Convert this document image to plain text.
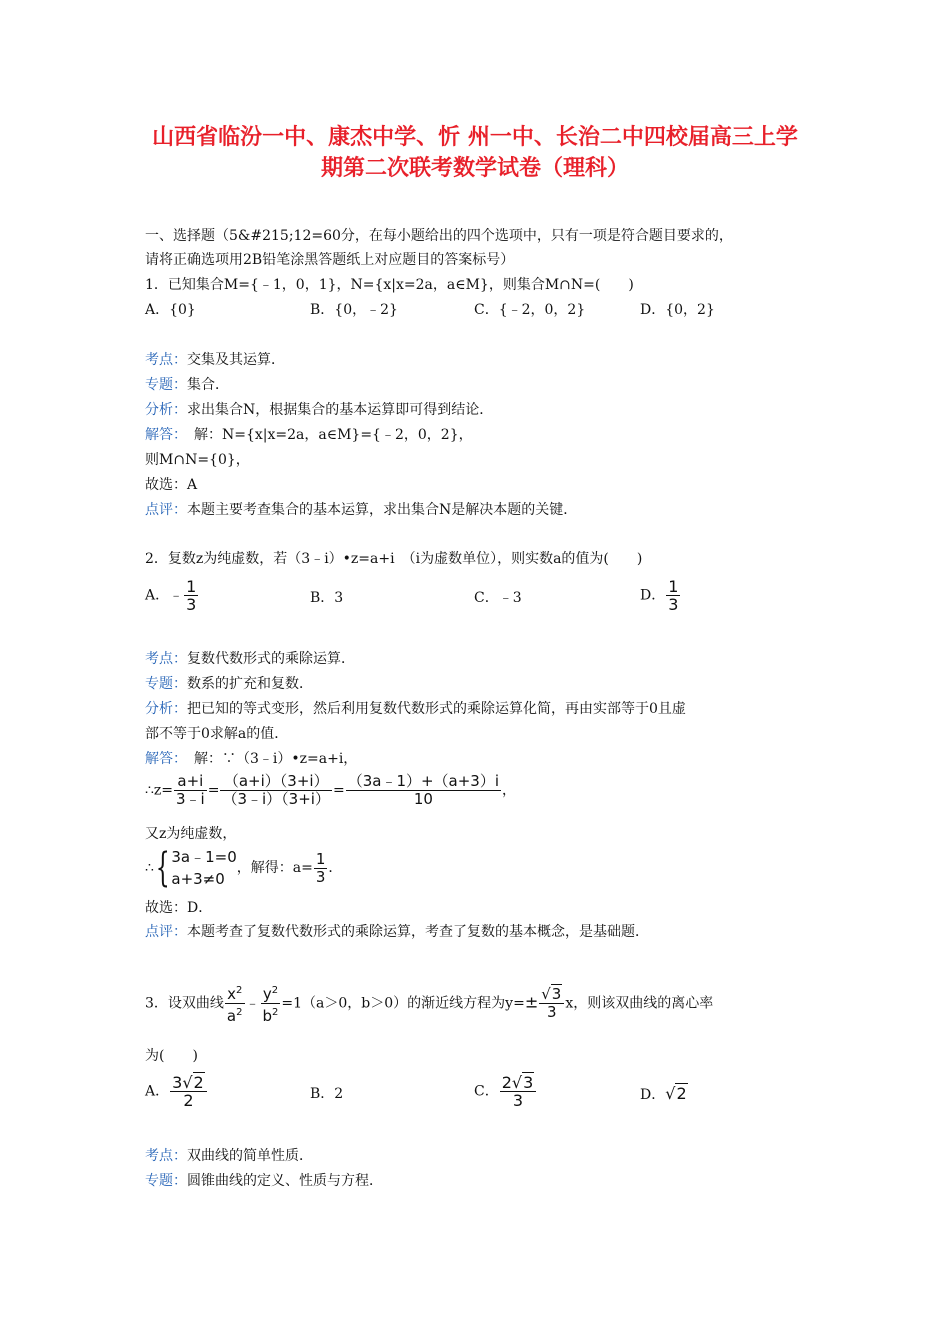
山西省临汾一中、康杰中学、忻 州一中、长治二中四校届高三上学
期第二次联考数学试卷（理科）
一、选择题（5&#215;12=60分，在每小题给出的四个选项中，只有一项是符合题目要求的，
请将正确选项用2B铅笔涂黑答题纸上对应题目的答案标号）
1．已知集合M={﹣1，0，1}，N={x|x=2a，a∈M}，则集合M∩N=(　　)
A．{0}	B．{0，﹣2}	C．{﹣2，0，2}	D．{0，2}
考点：交集及其运算．
专题：集合．
分析：求出集合N，根据集合的基本运算即可得到结论．
解答：　解：N={x|x=2a，a∈M}={﹣2，0，2}，
则M∩N={0}，
故选：A
点评：本题主要考查集合的基本运算，求出集合N是解决本题的关键．
2．复数z为纯虚数，若（3﹣i）•z=a+i　（i为虚数单位），则实数a的值为(　　)
A．﹣ $\frac{1}{3}$	B．3	C．﹣3	D． $\frac{1}{3}$
考点：复数代数形式的乘除运算．
专题：数系的扩充和复数．
分析：把已知的等式变形，然后利用复数代数形式的乘除运算化简，再由实部等于0且虚
部不等于0求解a的值．
解答：　解：∵（3﹣i）•z=a+i，
∴z= $\frac{a+i}{3﹣i} = \frac{(a+i)(3+i)}{(3﹣i)(3+i)} = \frac{(3a﹣1)+(a+3)i}{10}$ ，
又z为纯虚数，
∴{ 3a﹣1=0
a+3≠0
，解得：$a= \frac{1}{3}$ ．
故选：D．
点评：本题考查了复数代数形式的乘除运算，考查了复数的基本概念，是基础题．
3．设双曲线 $\frac{x^2}{a^2}$ ﹣ $\frac{y^2}{b^2} =1(a>0$，b＞0）的渐近线方程为$y=\pm \frac{√3}{3}$ x，则该双曲线的离心率
为(　　)
A． $\frac{3√2}{2}$	B．2	C． $\frac{2√3}{3}$	D．√2
考点：双曲线的简单性质．
专题：圆锥曲线的定义、性质与方程．
